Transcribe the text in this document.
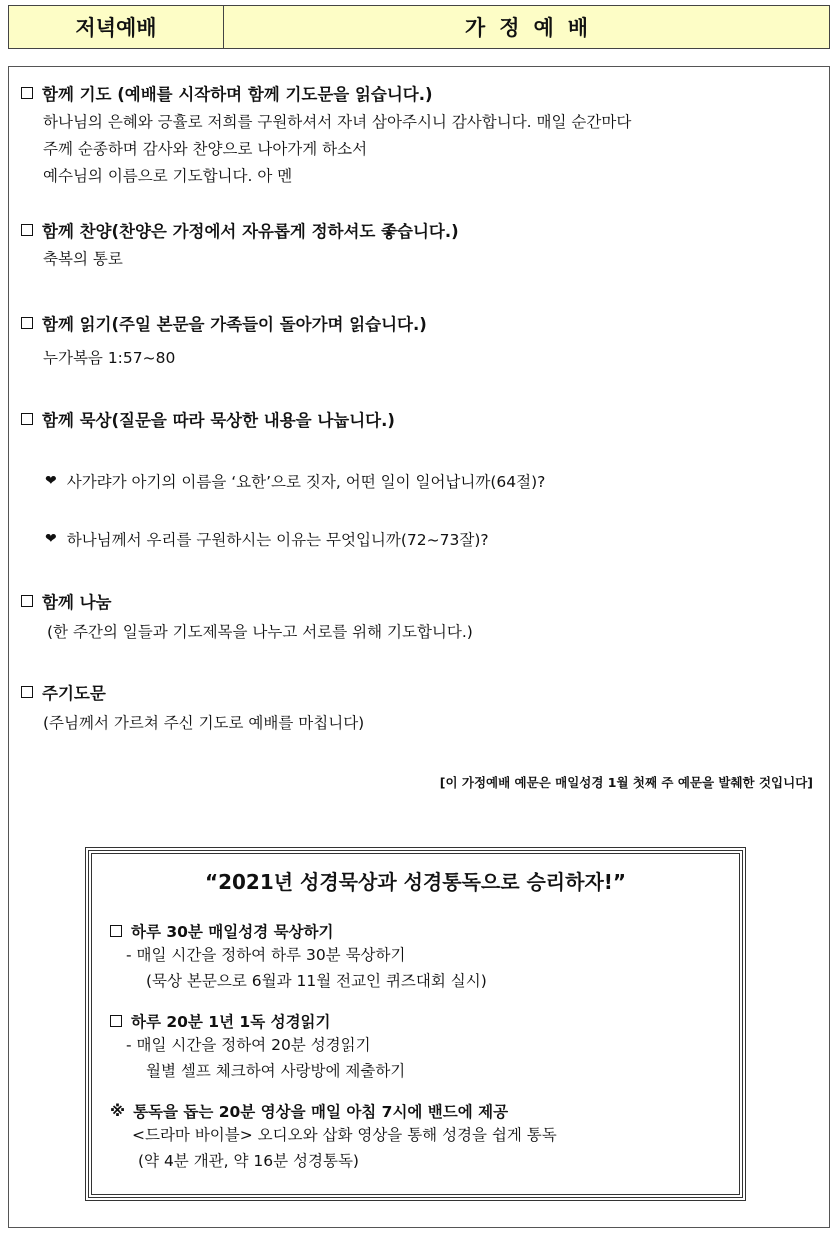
저녁예배	가정예배
함께 기도 (예배를 시작하며 함께 기도문을 읽습니다.)
하나님의 은혜와 긍휼로 저희를 구원하셔서 자녀 삼아주시니 감사합니다. 매일 순간마다
주께 순종하며 감사와 찬양으로 나아가게 하소서
예수님의 이름으로 기도합니다. 아 멘
함께 찬양(찬양은 가정에서 자유롭게 정하셔도 좋습니다.)
축복의 통로
함께 읽기(주일 본문을 가족들이 돌아가며 읽습니다.)
누가복음 1:57~80
함께 묵상(질문을 따라 묵상한 내용을 나눕니다.)
❤ 사가랴가 아기의 이름을 ‘요한’으로 짓자, 어떤 일이 일어납니까(64절)?
❤ 하나님께서 우리를 구원하시는 이유는 무엇입니까(72~73잘)?
함께 나눔
(한 주간의 일들과 기도제목을 나누고 서로를 위해 기도합니다.)
주기도문
(주님께서 가르쳐 주신 기도로 예배를 마칩니다)
[이 가정예배 예문은 매일성경 1월 첫째 주 예문을 발췌한 것입니다]
“2021년 성경묵상과 성경통독으로 승리하자!”
하루 30분 매일성경 묵상하기
- 매일 시간을 정하여 하루 30분 묵상하기
(묵상 본문으로 6월과 11월 전교인 퀴즈대회 실시)
하루 20분 1년 1독 성경읽기
- 매일 시간을 정하여 20분 성경읽기
월별 셀프 체크하여 사랑방에 제출하기
※ 통독을 돕는 20분 영상을 매일 아침 7시에 밴드에 제공
<드라마 바이블> 오디오와 삽화 영상을 통해 성경을 쉽게 통독
(약 4분 개관, 약 16분 성경통독)
